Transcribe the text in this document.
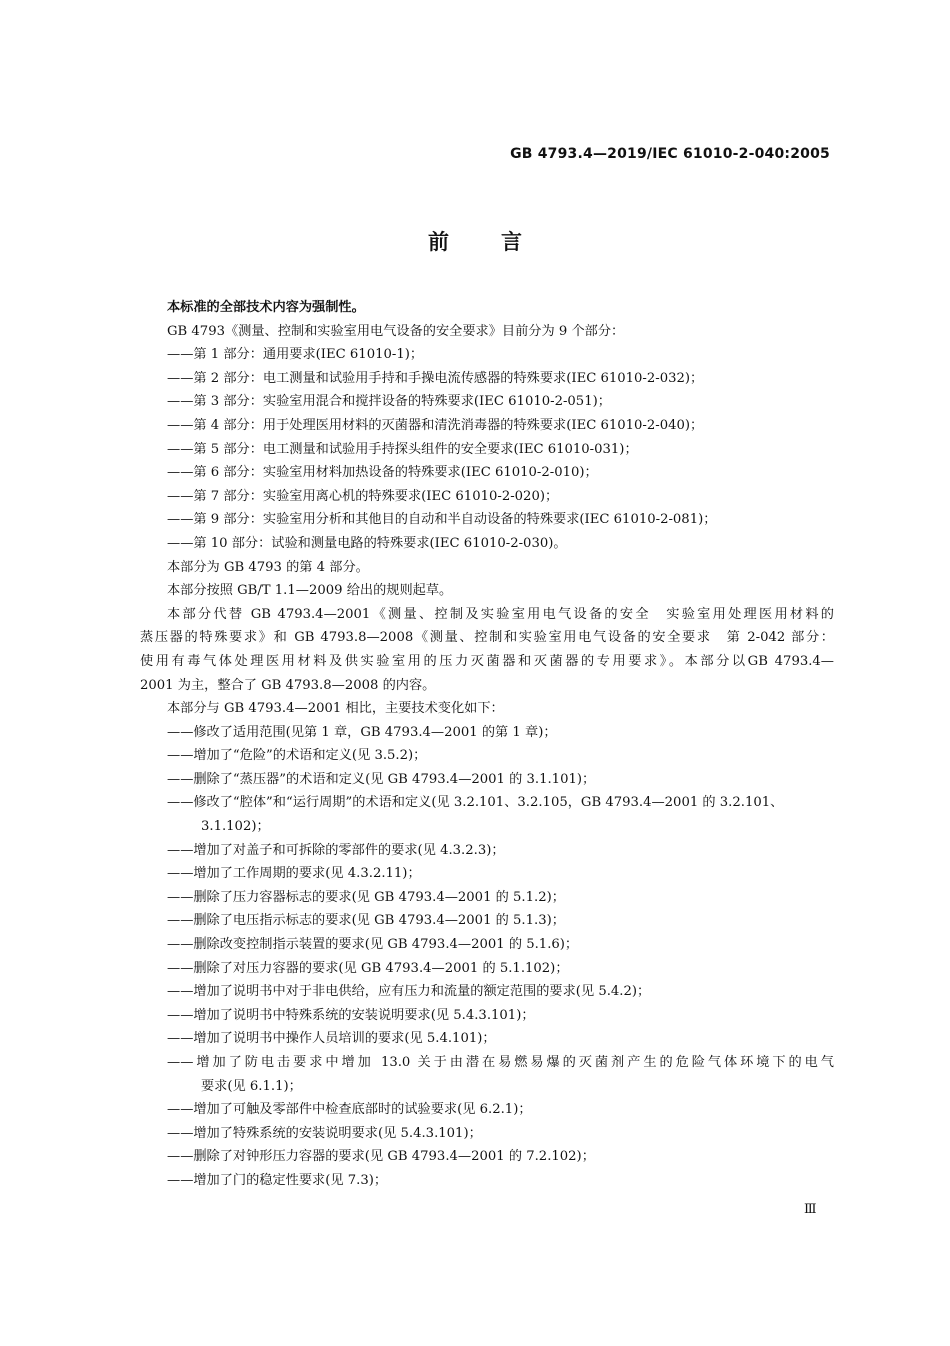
GB 4793.4—2019/IEC 61010-2-040:2005
前 言
本标准的全部技术内容为强制性。
GB 4793《测量、控制和实验室用电气设备的安全要求》目前分为 9 个部分：
——第 1 部分：通用要求(IEC 61010-1)；
——第 2 部分：电工测量和试验用手持和手操电流传感器的特殊要求(IEC 61010-2-032)；
——第 3 部分：实验室用混合和搅拌设备的特殊要求(IEC 61010-2-051)；
——第 4 部分：用于处理医用材料的灭菌器和清洗消毒器的特殊要求(IEC 61010-2-040)；
——第 5 部分：电工测量和试验用手持探头组件的安全要求(IEC 61010-031)；
——第 6 部分：实验室用材料加热设备的特殊要求(IEC 61010-2-010)；
——第 7 部分：实验室用离心机的特殊要求(IEC 61010-2-020)；
——第 9 部分：实验室用分析和其他目的自动和半自动设备的特殊要求(IEC 61010-2-081)；
——第 10 部分：试验和测量电路的特殊要求(IEC 61010-2-030)。
本部分为 GB 4793 的第 4 部分。
本部分按照 GB/T 1.1—2009 给出的规则起草。
本部分代替 GB 4793.4—2001《测量、控制及实验室用电气设备的安全　实验室用处理医用材料的
蒸压器的特殊要求》和 GB 4793.8—2008《测量、控制和实验室用电气设备的安全要求　第 2-042 部分：
使用有毒气体处理医用材料及供实验室用的压力灭菌器和灭菌器的专用要求》。本部分以GB 4793.4—
2001 为主，整合了 GB 4793.8—2008 的内容。
本部分与 GB 4793.4—2001 相比，主要技术变化如下：
——修改了适用范围(见第 1 章，GB 4793.4—2001 的第 1 章)；
——增加了“危险”的术语和定义(见 3.5.2)；
——删除了“蒸压器”的术语和定义(见 GB 4793.4—2001 的 3.1.101)；
——修改了“腔体”和“运行周期”的术语和定义(见 3.2.101、3.2.105，GB 4793.4—2001 的 3.2.101、
3.1.102)；
——增加了对盖子和可拆除的零部件的要求(见 4.3.2.3)；
——增加了工作周期的要求(见 4.3.2.11)；
——删除了压力容器标志的要求(见 GB 4793.4—2001 的 5.1.2)；
——删除了电压指示标志的要求(见 GB 4793.4—2001 的 5.1.3)；
——删除改变控制指示装置的要求(见 GB 4793.4—2001 的 5.1.6)；
——删除了对压力容器的要求(见 GB 4793.4—2001 的 5.1.102)；
——增加了说明书中对于非电供给，应有压力和流量的额定范围的要求(见 5.4.2)；
——增加了说明书中特殊系统的安装说明要求(见 5.4.3.101)；
——增加了说明书中操作人员培训的要求(见 5.4.101)；
——增加了防电击要求中增加 13.0 关于由潜在易燃易爆的灭菌剂产生的危险气体环境下的电气
要求(见 6.1.1)；
——增加了可触及零部件中检查底部时的试验要求(见 6.2.1)；
——增加了特殊系统的安装说明要求(见 5.4.3.101)；
——删除了对钟形压力容器的要求(见 GB 4793.4—2001 的 7.2.102)；
——增加了门的稳定性要求(见 7.3)；
Ⅲ
